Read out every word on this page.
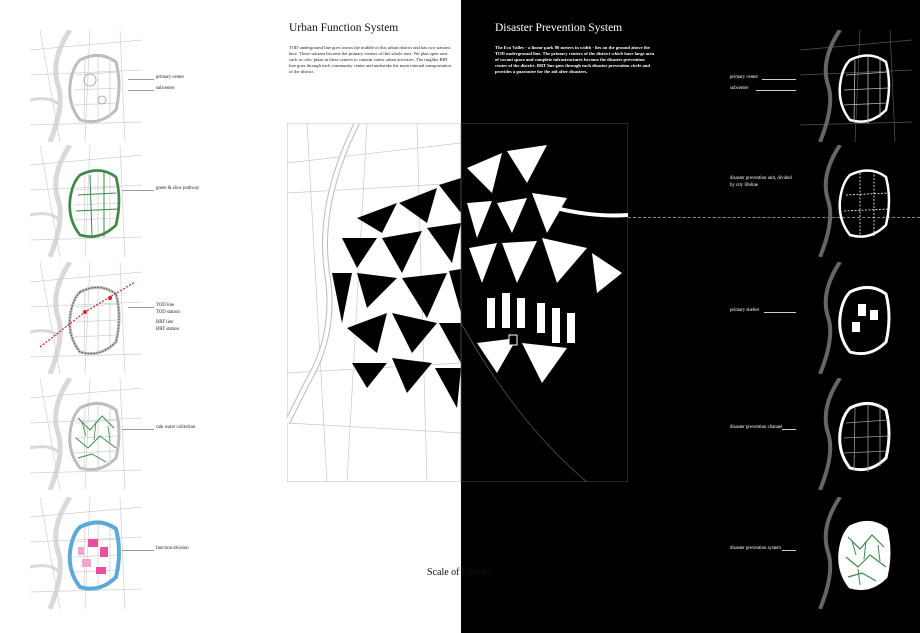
Urban Function System	Disaster Prevention System
TOD underground line goes across the middle of this urban district and has two stations here. These stations become the primary centers of this whole area. We plan open area such as civic plaza in these centers to contain varies urban activities. The ringlike BRT line goes through each community center and undertake the main internal transportation of the district.
The Eco Valley - a linear park 80 meters in width - lies on the ground above the TOD underground line. The primary centers of the district which have large area of vacant space and complete infrastructures become the disaster prevention center of the district. BRT line goes through each disaster prevention circle and provides a guarantee for the aid after disasters.
primary center
subcenter
green & slow pathway
TOD line
TOD station
BRT line
BRT station
rain water collection
function division
primary center
subcenter
disaster prevention unit, divided by city lifeline
primary shelter
disaster prevention channel
disaster prevention system
Scale of District
